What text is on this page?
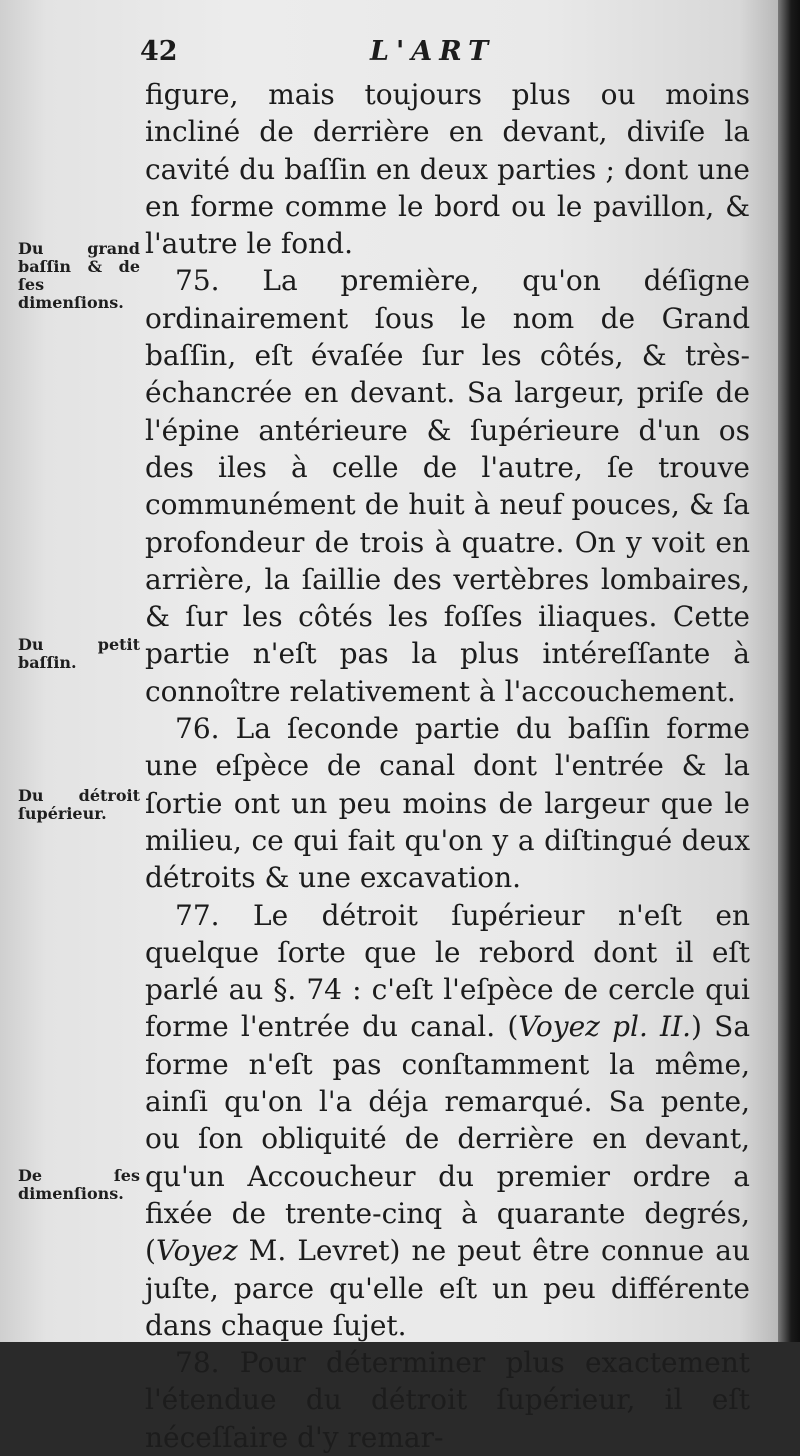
42	L'ART
Du grand baſſin & de ſes dimenſions.
Du petit baſſin.
Du détroit ſupérieur.
De ſes dimenſions.

figure, mais toujours plus ou moins incliné de derrière en devant, diviſe la cavité du baſſin en deux parties ; dont une en forme comme le bord ou le pavillon, & l'autre le fond.

75. La première, qu'on déſigne ordinairement ſous le nom de Grand baſſin, eſt évaſée ſur les côtés, & très-échancrée en devant. Sa largeur, priſe de l'épine antérieure & ſupérieure d'un os des iles à celle de l'autre, ſe trouve communément de huit à neuf pouces, & ſa profondeur de trois à quatre. On y voit en arrière, la ſaillie des vertèbres lombaires, & ſur les côtés les foſſes iliaques. Cette partie n'eſt pas la plus intéreſſante à connoître relativement à l'accouchement.

76. La ſeconde partie du baſſin forme une eſpèce de canal dont l'entrée & la ſortie ont un peu moins de largeur que le milieu, ce qui fait qu'on y a diſtingué deux détroits & une excavation.

77. Le détroit ſupérieur n'eſt en quelque ſorte que le rebord dont il eſt parlé au §. 74 : c'eſt l'eſpèce de cercle qui forme l'entrée du canal. (Voyez pl. II.) Sa forme n'eſt pas conſtamment la même, ainſi qu'on l'a déja remarqué. Sa pente, ou ſon obliquité de derrière en devant, qu'un Accoucheur du premier ordre a fixée de trente-cinq à quarante degrés, (Voyez M. Levret) ne peut être connue au juſte, parce qu'elle eſt un peu différente dans chaque ſujet.

78. Pour déterminer plus exactement l'étendue du détroit ſupérieur, il eſt néceſſaire d'y remar-
